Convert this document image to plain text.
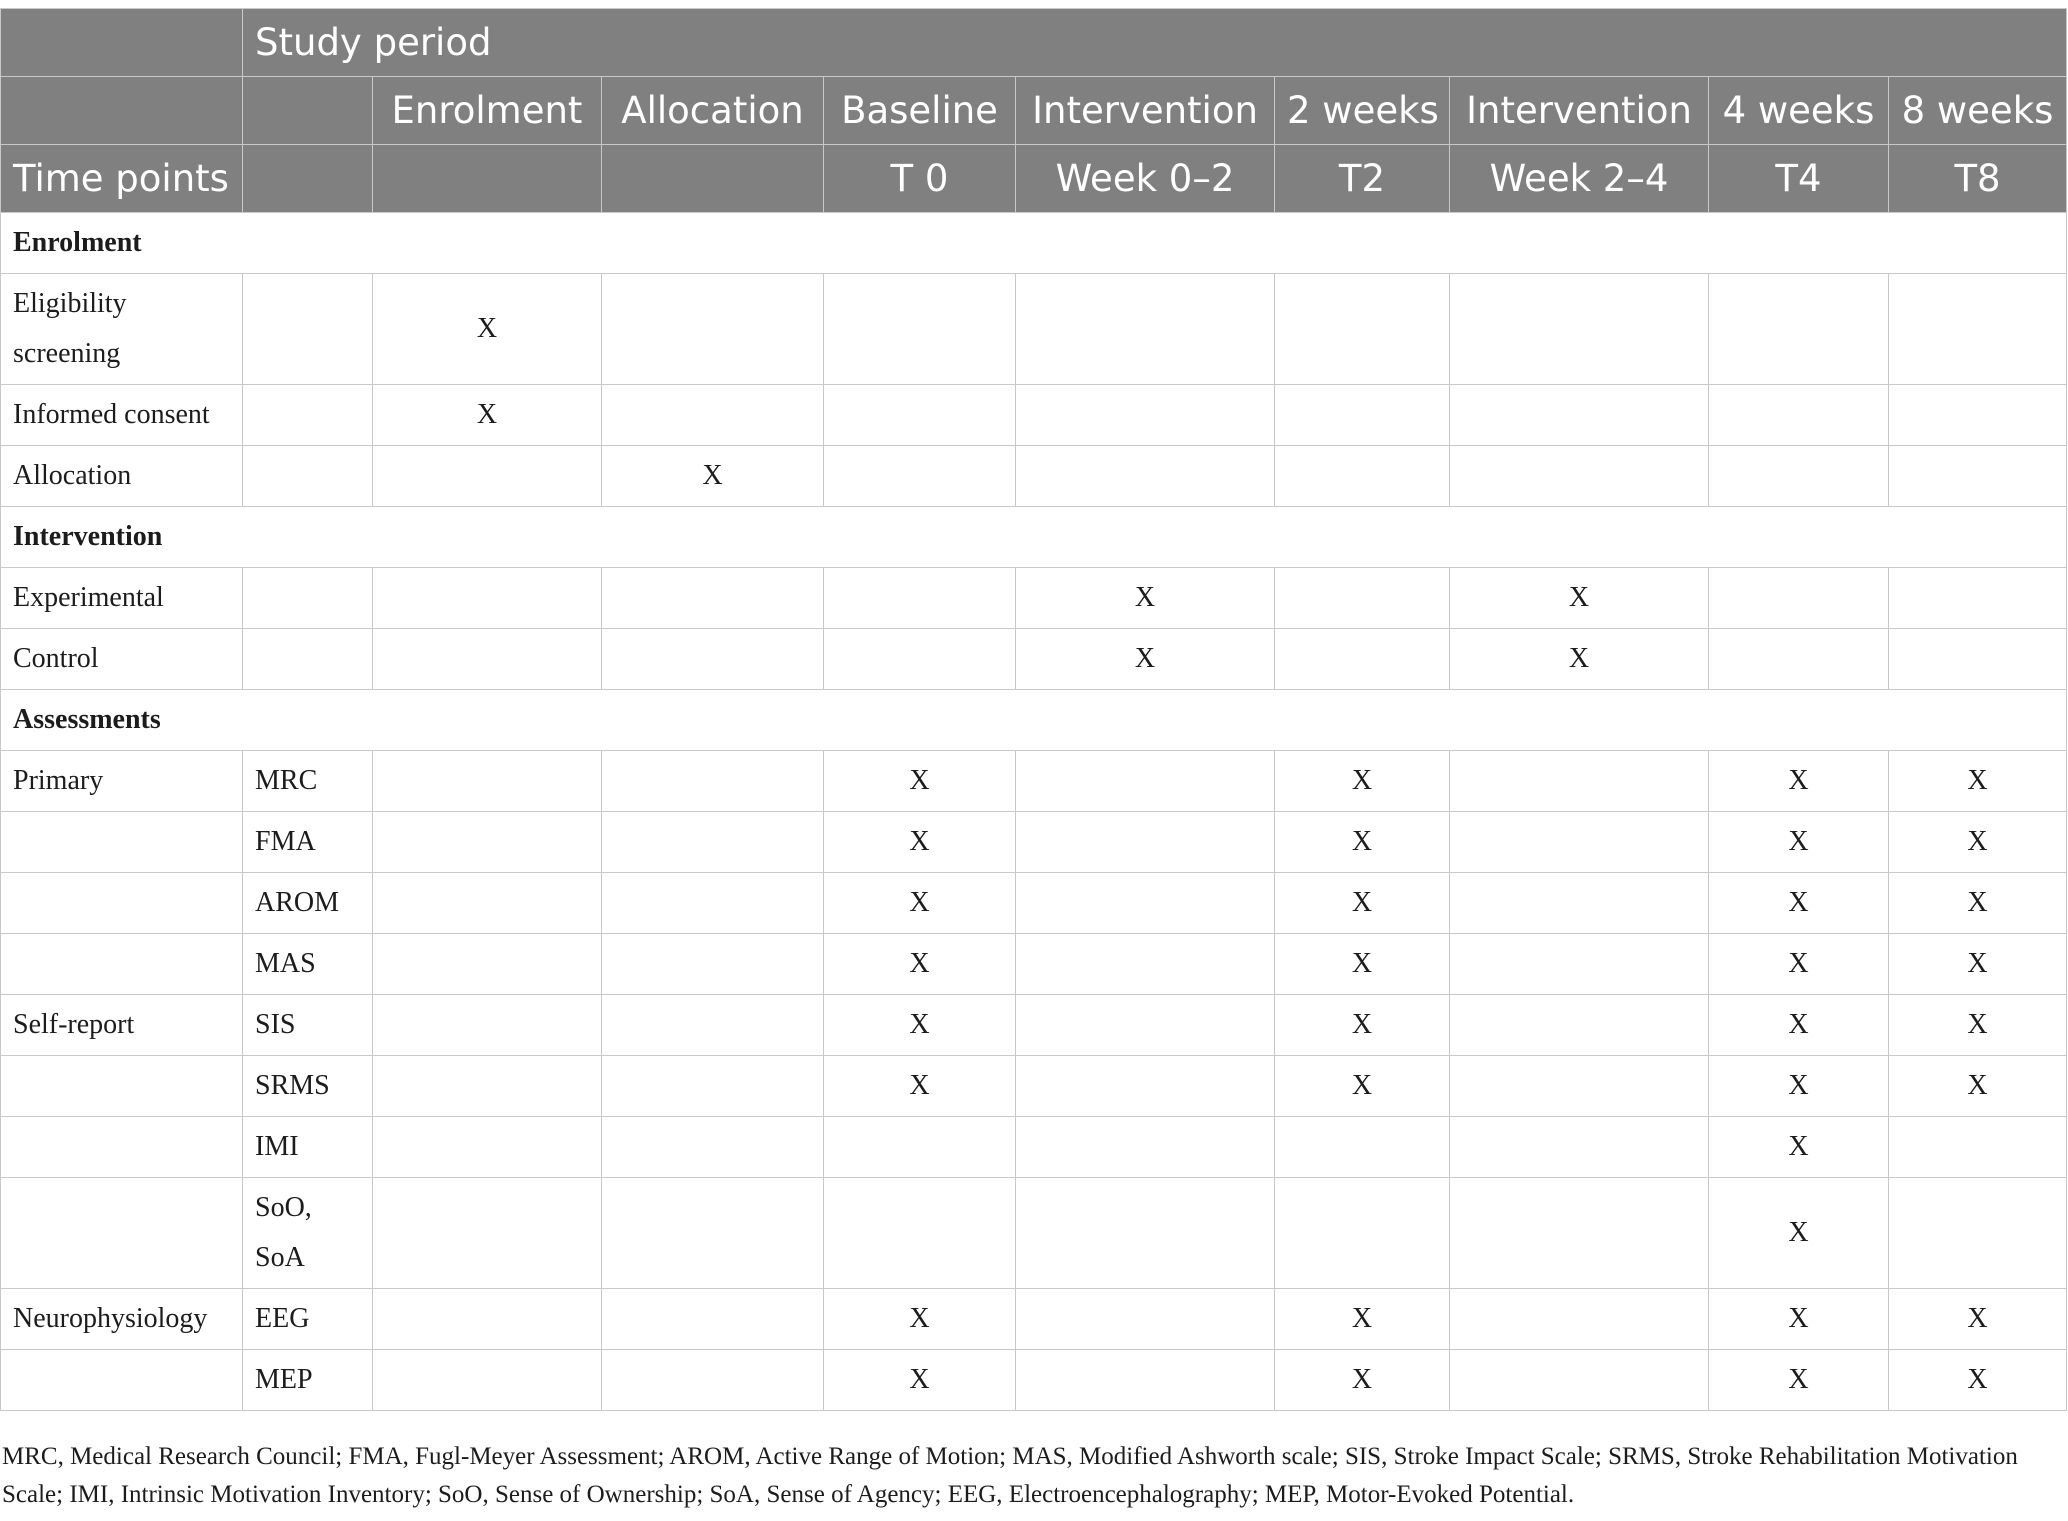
	Study period								
		Enrolment	Allocation	Baseline	Intervention	2 weeks	Intervention	4 weeks	8 weeks
Time points				T 0	Week 0–2	T2	Week 2–4	T4	T8
Enrolment									
Eligibility screening		X							
Informed consent		X							
Allocation			X						
Intervention									
Experimental					X		X		
Control					X		X		
Assessments									
Primary	MRC			X		X		X	X
	FMA			X		X		X	X
	AROM			X		X		X	X
	MAS			X		X		X	X
Self-report	SIS			X		X		X	X
	SRMS			X		X		X	X
	IMI							X	
	SoO, SoA							X	
Neurophysiology	EEG			X		X		X	X
	MEP			X		X		X	X
MRC, Medical Research Council; FMA, Fugl-Meyer Assessment; AROM, Active Range of Motion; MAS, Modified Ashworth scale; SIS, Stroke Impact Scale; SRMS, Stroke Rehabilitation Motivation Scale; IMI, Intrinsic Motivation Inventory; SoO, Sense of Ownership; SoA, Sense of Agency; EEG, Electroencephalography; MEP, Motor-Evoked Potential.
